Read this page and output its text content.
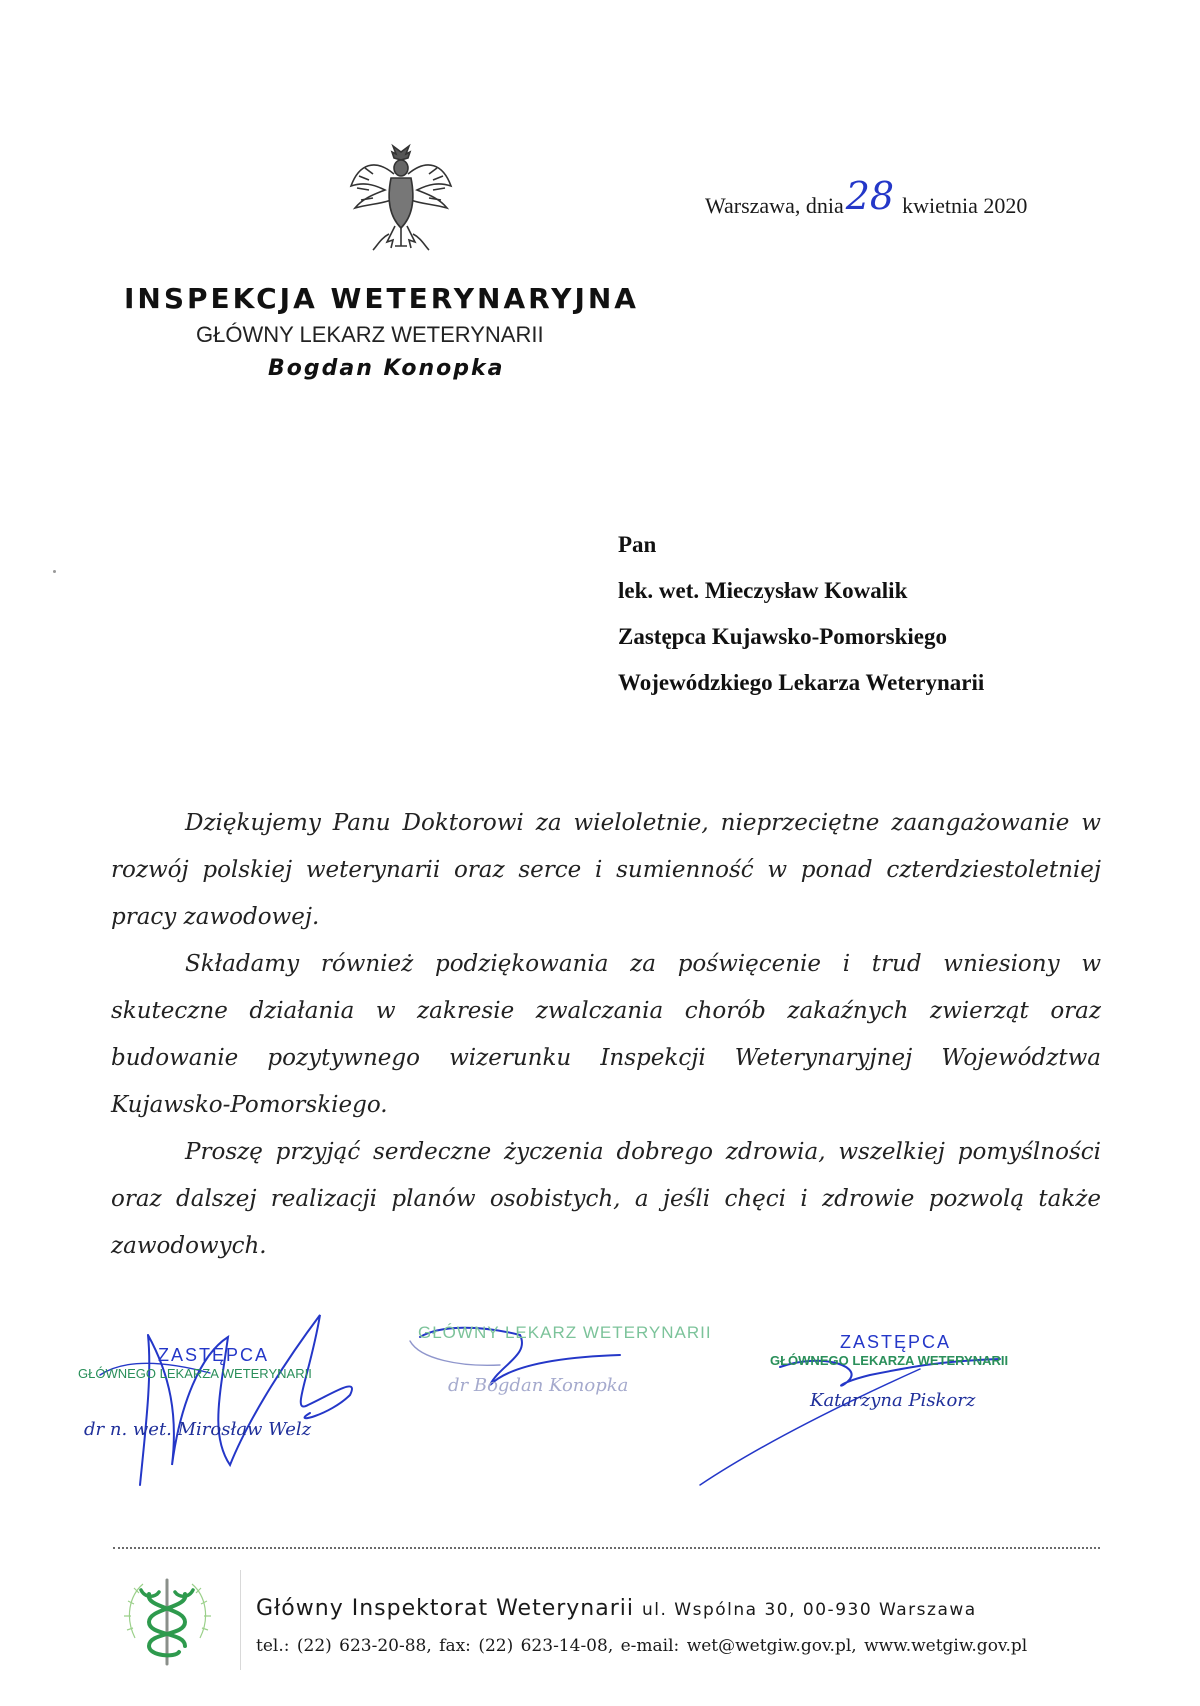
Warszawa, dnia28 kwietnia 2020
INSPEKCJA WETERYNARYJNA
GŁÓWNY LEKARZ WETERYNARII
Bogdan Konopka
Pan
lek. wet. Mieczysław Kowalik
Zastępca Kujawsko-Pomorskiego
Wojewódzkiego Lekarza Weterynarii

Dziękujemy Panu Doktorowi za wieloletnie, nieprzeciętne zaangażowanie w rozwój polskiej weterynarii oraz serce i sumienność w ponad czterdziestoletniej pracy zawodowej.

Składamy również podziękowania za poświęcenie i trud wniesiony w skuteczne działania w zakresie zwalczania chorób zakaźnych zwierząt oraz budowanie pozytywnego wizerunku Inspekcji Weterynaryjnej Województwa Kujawsko-Pomorskiego.

Proszę przyjąć serdeczne życzenia dobrego zdrowia, wszelkiej pomyślności oraz dalszej realizacji planów osobistych, a jeśli chęci i zdrowie pozwolą także zawodowych.

ZASTĘPCA
GŁÓWNEGO LEKARZA WETERYNARII
dr n. wet. Mirosław Welz
GŁÓWNY LEKARZ WETERYNARII
dr Bogdan Konopka
ZASTĘPCA
GŁÓWNEGO LEKARZA WETERYNARII
Katarzyna Piskorz
Główny Inspektorat Weterynarii ul. Wspólna 30, 00-930 Warszawa
tel.: (22) 623-20-88, fax: (22) 623-14-08, e-mail: wet@wetgiw.gov.pl, www.wetgiw.gov.pl
